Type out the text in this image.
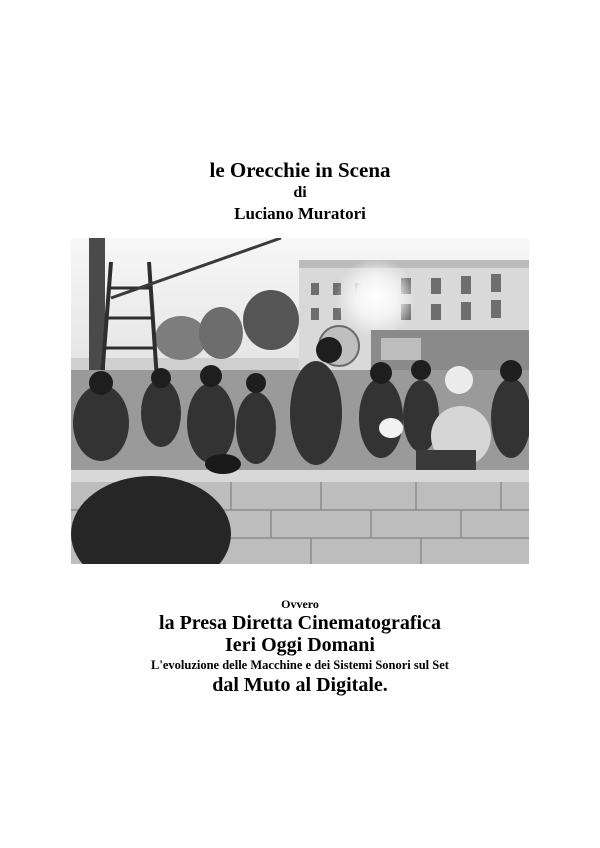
le Orecchie in Scena
di
Luciano Muratori
Ovvero
la Presa Diretta Cinematografica
Ieri Oggi Domani
L'evoluzione delle Macchine e dei Sistemi Sonori sul Set
dal Muto al Digitale.
